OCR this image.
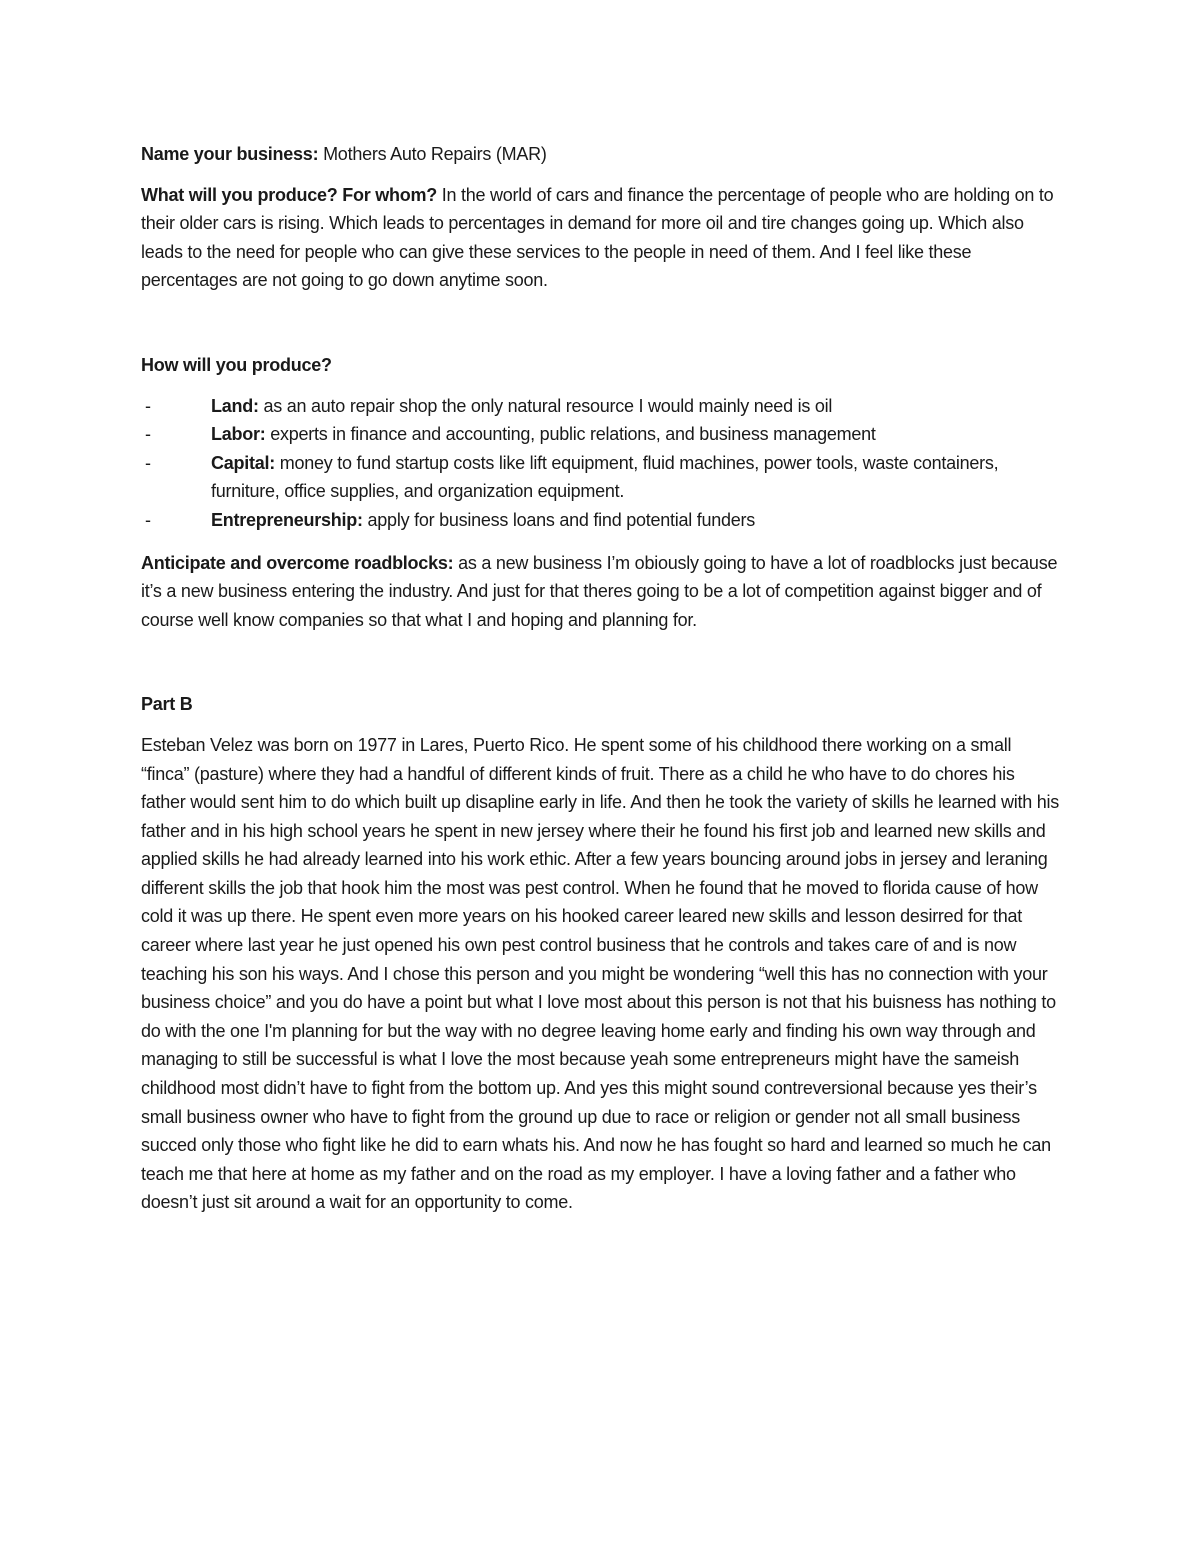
Name your business: Mothers Auto Repairs (MAR)

What will you produce? For whom? In the world of cars and finance the percentage of people who are holding on to their older cars is rising. Which leads to percentages in demand for more oil and tire changes going up. Which also leads to the need for people who can give these services to the people in need of them. And I feel like these percentages are not going to go down anytime soon.

How will you produce?

-	Land: as an auto repair shop the only natural resource I would mainly need is oil
-	Labor: experts in finance and accounting, public relations, and business management
-	Capital: money to fund startup costs like lift equipment, fluid machines, power tools, waste containers, furniture, office supplies, and organization equipment.
-	Entrepreneurship: apply for business loans and find potential funders

Anticipate and overcome roadblocks: as a new business I’m obiously going to have a lot of roadblocks just because it’s a new business entering the industry. And just for that theres going to be a lot of competition against bigger and of course well know companies so that what I and hoping and planning for.

Part B

Esteban Velez was born on 1977 in Lares, Puerto Rico. He spent some of his childhood there working on a small “finca” (pasture) where they had a handful of different kinds of fruit. There as a child he who have to do chores his father would sent him to do which built up disapline early in life. And then he took the variety of skills he learned with his father and in his high school years he spent in new jersey where their he found his first job and learned new skills and applied skills he had already learned into his work ethic. After a few years bouncing around jobs in jersey and leraning different skills the job that hook him the most was pest control. When he found that he moved to florida cause of how cold it was up there. He spent even more years on his hooked career leared new skills and lesson desirred for that career where last year he just opened his own pest control business that he controls and takes care of and is now teaching his son his ways. And I chose this person and you might be wondering “well this has no connection with your business choice” and you do have a point but what I love most about this person is not that his buisness has nothing to do with the one I'm planning for but the way with no degree leaving home early and finding his own way through and managing to still be successful is what I love the most because yeah some entrepreneurs might have the sameish childhood most didn’t have to fight from the bottom up. And yes this might sound contreversional because yes their’s small business owner who have to fight from the ground up due to race or religion or gender not all small business succed only those who fight like he did to earn whats his. And now he has fought so hard and learned so much he can teach me that here at home as my father and on the road as my employer. I have a loving father and a father who doesn’t just sit around a wait for an opportunity to come.
